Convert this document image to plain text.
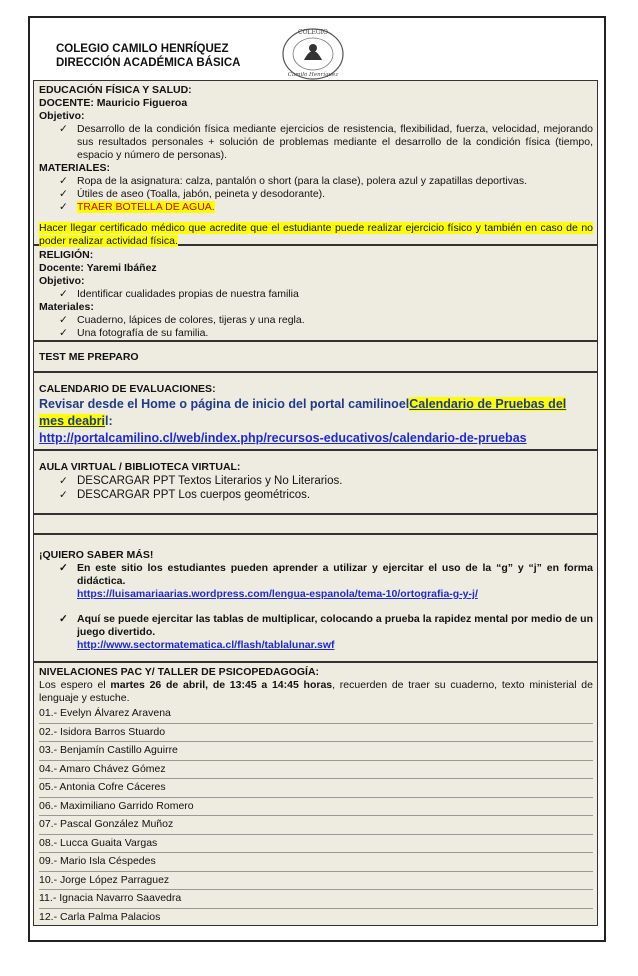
COLEGIO CAMILO HENRÍQUEZ
DIRECCIÓN ACADÉMICA BÁSICA
COLEGIO
Camilo Henríquez

EDUCACIÓN FÍSICA Y SALUD:

DOCENTE: Mauricio Figueroa

Objetivo:

✓ Desarrollo de la condición física mediante ejercicios de resistencia, flexibilidad, fuerza, velocidad, mejorando sus resultados personales + solución de problemas mediante el desarrollo de la condición física (tiempo, espacio y número de personas).

MATERIALES:

✓ Ropa de la asignatura: calza, pantalón o short (para la clase), polera azul y zapatillas deportivas.
✓ Útiles de aseo (Toalla, jabón, peineta y desodorante).
✓ TRAER BOTELLA DE AGUA.

Hacer llegar certificado médico que acredite que el estudiante puede realizar ejercicio físico y también en caso de no poder realizar actividad física.

RELIGIÓN:

Docente: Yaremi Ibáñez

Objetivo:

✓ Identificar cualidades propias de nuestra familia

Materiales:

✓ Cuaderno, lápices de colores, tijeras y una regla.
✓ Una fotografía de su familia.

TEST ME PREPARO

CALENDARIO DE EVALUACIONES:

Revisar desde el Home o página de inicio del portal camilinoelCalendario de Pruebas del mes deabril:

http://portalcamilino.cl/web/index.php/recursos-educativos/calendario-de-pruebas

AULA VIRTUAL / BIBLIOTECA VIRTUAL:

✓ DESCARGAR PPT Textos Literarios y No Literarios.
✓ DESCARGAR PPT Los cuerpos geométricos.

¡QUIERO SABER MÁS!

✓ En este sitio los estudiantes pueden aprender a utilizar y ejercitar el uso de la “g” y “j” en forma didáctica.
https://luisamariaarias.wordpress.com/lengua-espanola/tema-10/ortografia-g-y-j/
✓ Aquí se puede ejercitar las tablas de multiplicar, colocando a prueba la rapidez mental por medio de un juego divertido.
http://www.sectormatematica.cl/flash/tablalunar.swf

NIVELACIONES PAC Y/ TALLER DE PSICOPEDAGOGÍA:

Los espero el martes 26 de abril, de 13:45 a 14:45 horas, recuerden de traer su cuaderno, texto ministerial de lenguaje y estuche.

01.- Evelyn Álvarez Aravena
02.- Isidora Barros Stuardo
03.- Benjamín Castillo Aguirre
04.- Amaro Chávez Gómez
05.- Antonia Cofre Cáceres
06.- Maximiliano Garrido Romero
07.- Pascal González Muñoz
08.- Lucca Guaita Vargas
09.- Mario Isla Céspedes
10.- Jorge López Parraguez
11.- Ignacia Navarro Saavedra
12.- Carla Palma Palacios
